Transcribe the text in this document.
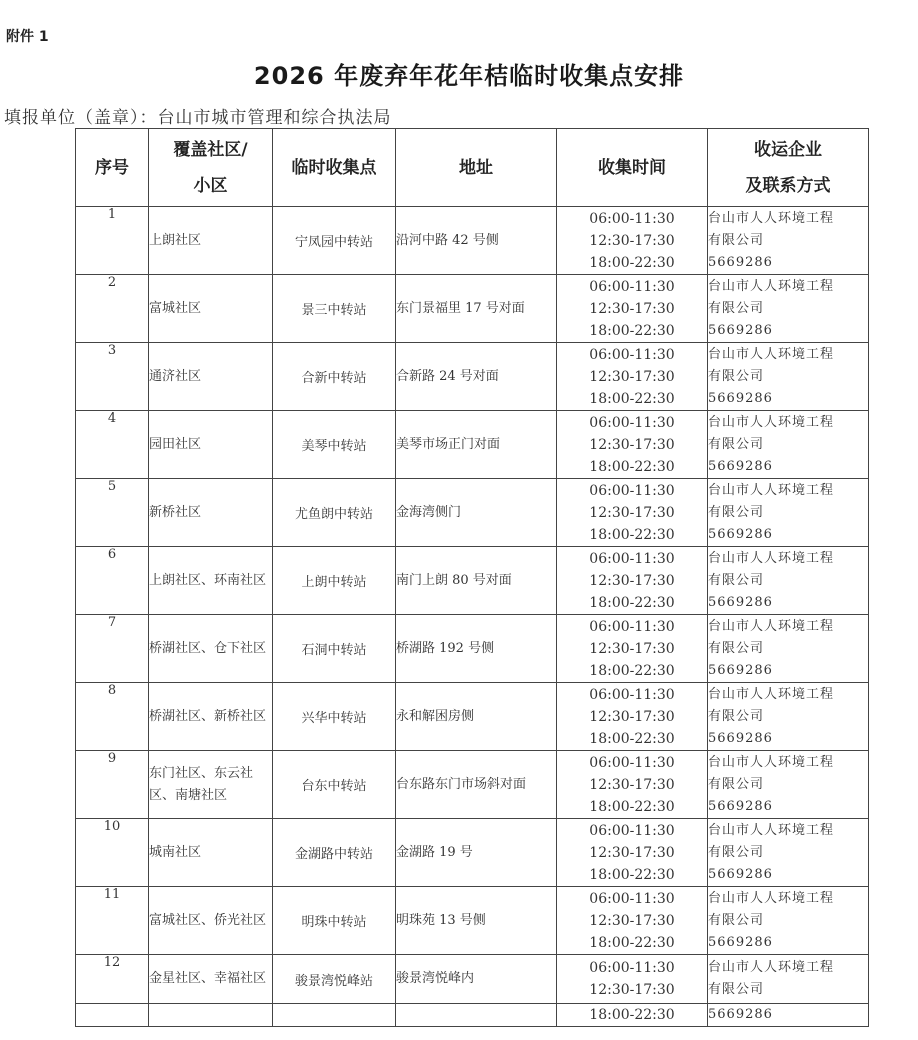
附件 1
2026 年废弃年花年桔临时收集点安排
填报单位（盖章）：台山市城市管理和综合执法局
序号	覆盖社区/
小区	临时收集点	地址	收集时间	收运企业
及联系方式

1	上朗社区	宁凤园中转站	沿河中路 42 号侧	06:00-11:30
12:30-17:30
18:00-22:30	台山市人人环境工程
有限公司
5669286

2	富城社区	景三中转站	东门景福里 17 号对面	06:00-11:30
12:30-17:30
18:00-22:30	台山市人人环境工程
有限公司
5669286

3	通济社区	合新中转站	合新路 24 号对面	06:00-11:30
12:30-17:30
18:00-22:30	台山市人人环境工程
有限公司
5669286

4	园田社区	美琴中转站	美琴市场正门对面	06:00-11:30
12:30-17:30
18:00-22:30	台山市人人环境工程
有限公司
5669286

5	新桥社区	尤鱼朗中转站	金海湾侧门	06:00-11:30
12:30-17:30
18:00-22:30	台山市人人环境工程
有限公司
5669286

6	上朗社区、环南社区	上朗中转站	南门上朗 80 号对面	06:00-11:30
12:30-17:30
18:00-22:30	台山市人人环境工程
有限公司
5669286

7	桥湖社区、仓下社区	石洞中转站	桥湖路 192 号侧	06:00-11:30
12:30-17:30
18:00-22:30	台山市人人环境工程
有限公司
5669286

8	桥湖社区、新桥社区	兴华中转站	永和解困房侧	06:00-11:30
12:30-17:30
18:00-22:30	台山市人人环境工程
有限公司
5669286

9	东门社区、东云社区、南塘社区	台东中转站	台东路东门市场斜对面	06:00-11:30
12:30-17:30
18:00-22:30	台山市人人环境工程
有限公司
5669286

10	城南社区	金湖路中转站	金湖路 19 号	06:00-11:30
12:30-17:30
18:00-22:30	台山市人人环境工程
有限公司
5669286

11	富城社区、侨光社区	明珠中转站	明珠苑 13 号侧	06:00-11:30
12:30-17:30
18:00-22:30	台山市人人环境工程
有限公司
5669286

12	金星社区、幸福社区	骏景湾悦峰站	骏景湾悦峰内	06:00-11:30
12:30-17:30	台山市人人环境工程
有限公司

				18:00-22:30	5669286
